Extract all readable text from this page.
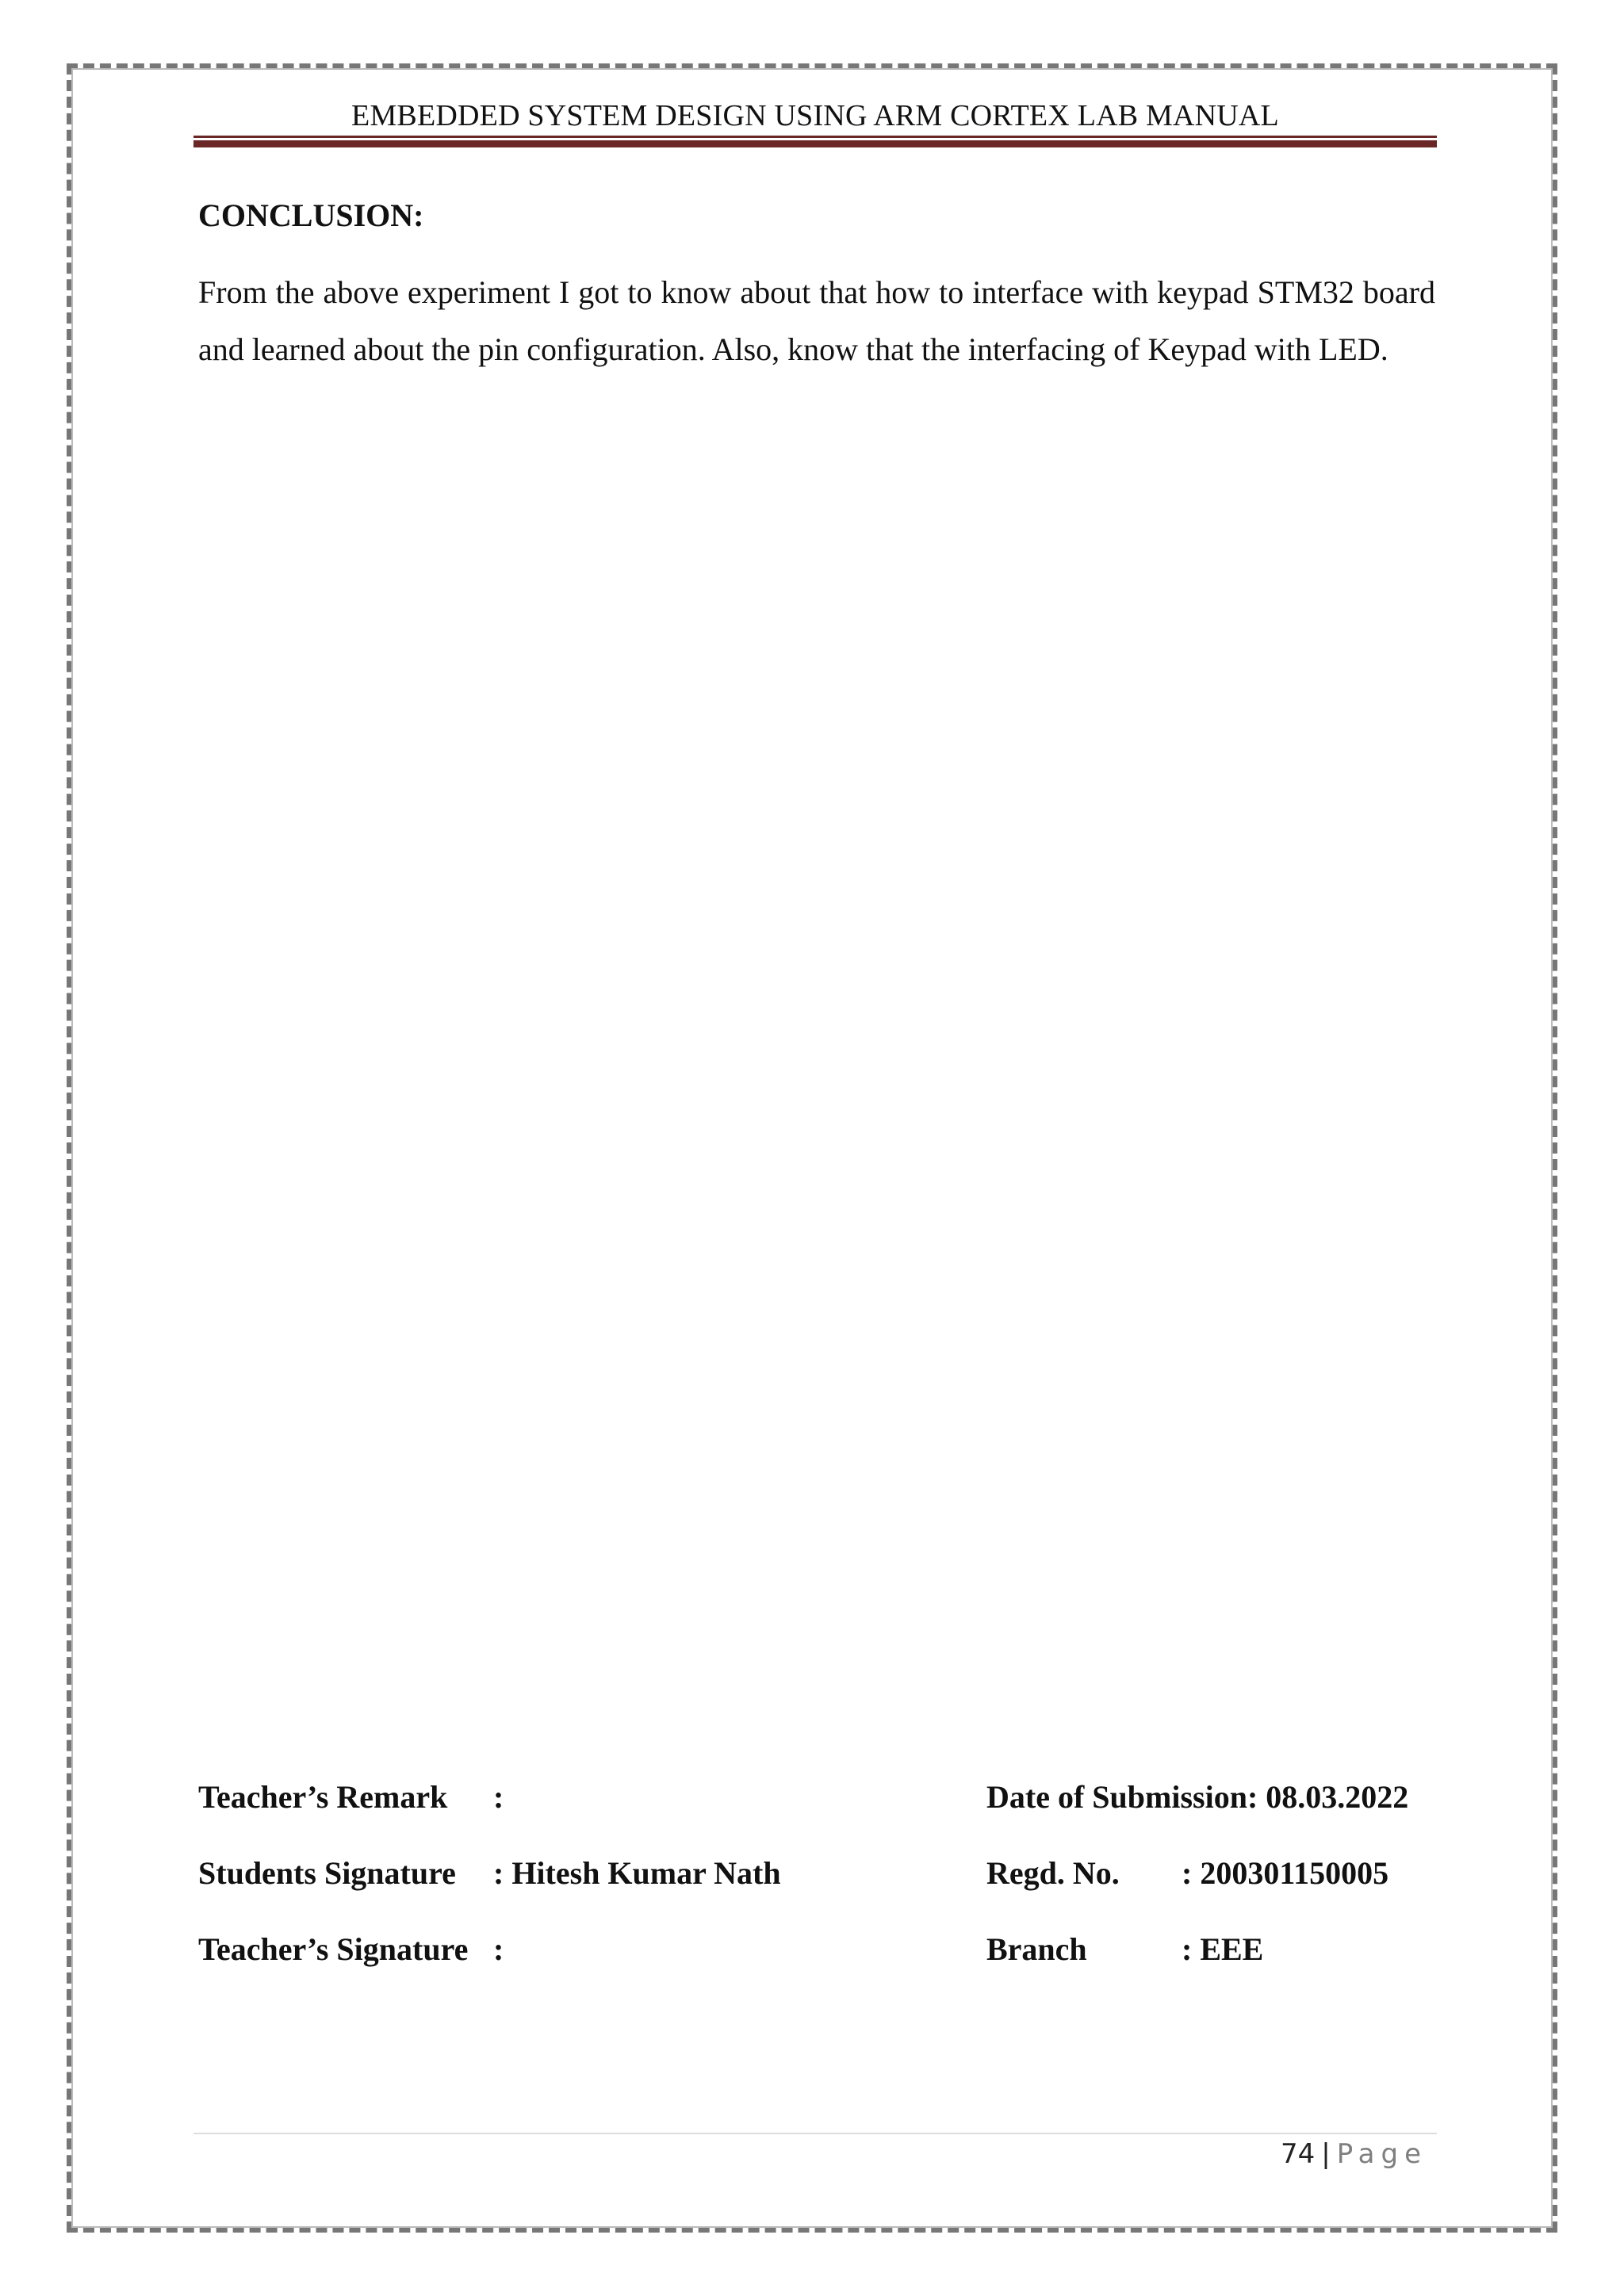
EMBEDDED SYSTEM DESIGN USING ARM CORTEX LAB MANUAL
CONCLUSION:

From the above experiment I got to know about that how to interface with keypad STM32 board and learned about the pin configuration. Also, know that the interfacing of Keypad with LED.

Teacher’s Remark :
Students Signature : Hitesh Kumar Nath
Teacher’s Signature :
Date of Submission: 08.03.2022
Regd. No. : 200301150005
Branch	: EEE
74 | Page
